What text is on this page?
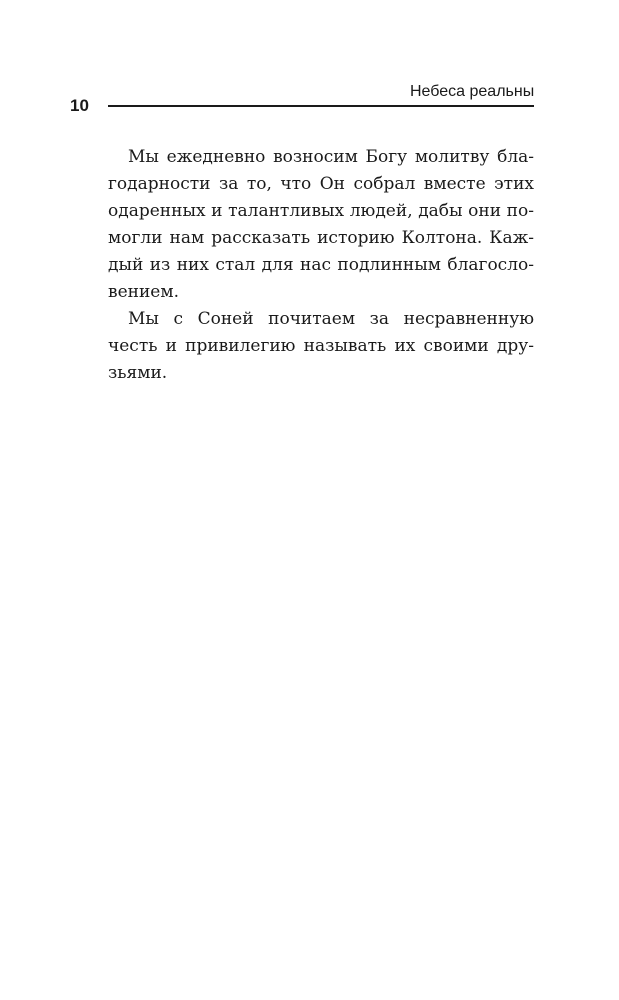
Небеса реальны
10
Мы ежедневно возносим Богу молитву бла-
годарности за то, что Он собрал вместе этих
одаренных и талантливых людей, дабы они по-
могли нам рассказать историю Колтона. Каж-
дый из них стал для нас подлинным благосло-
вением.
Мы с Соней почитаем за несравненную
честь и привилегию называть их своими дру-
зьями.
